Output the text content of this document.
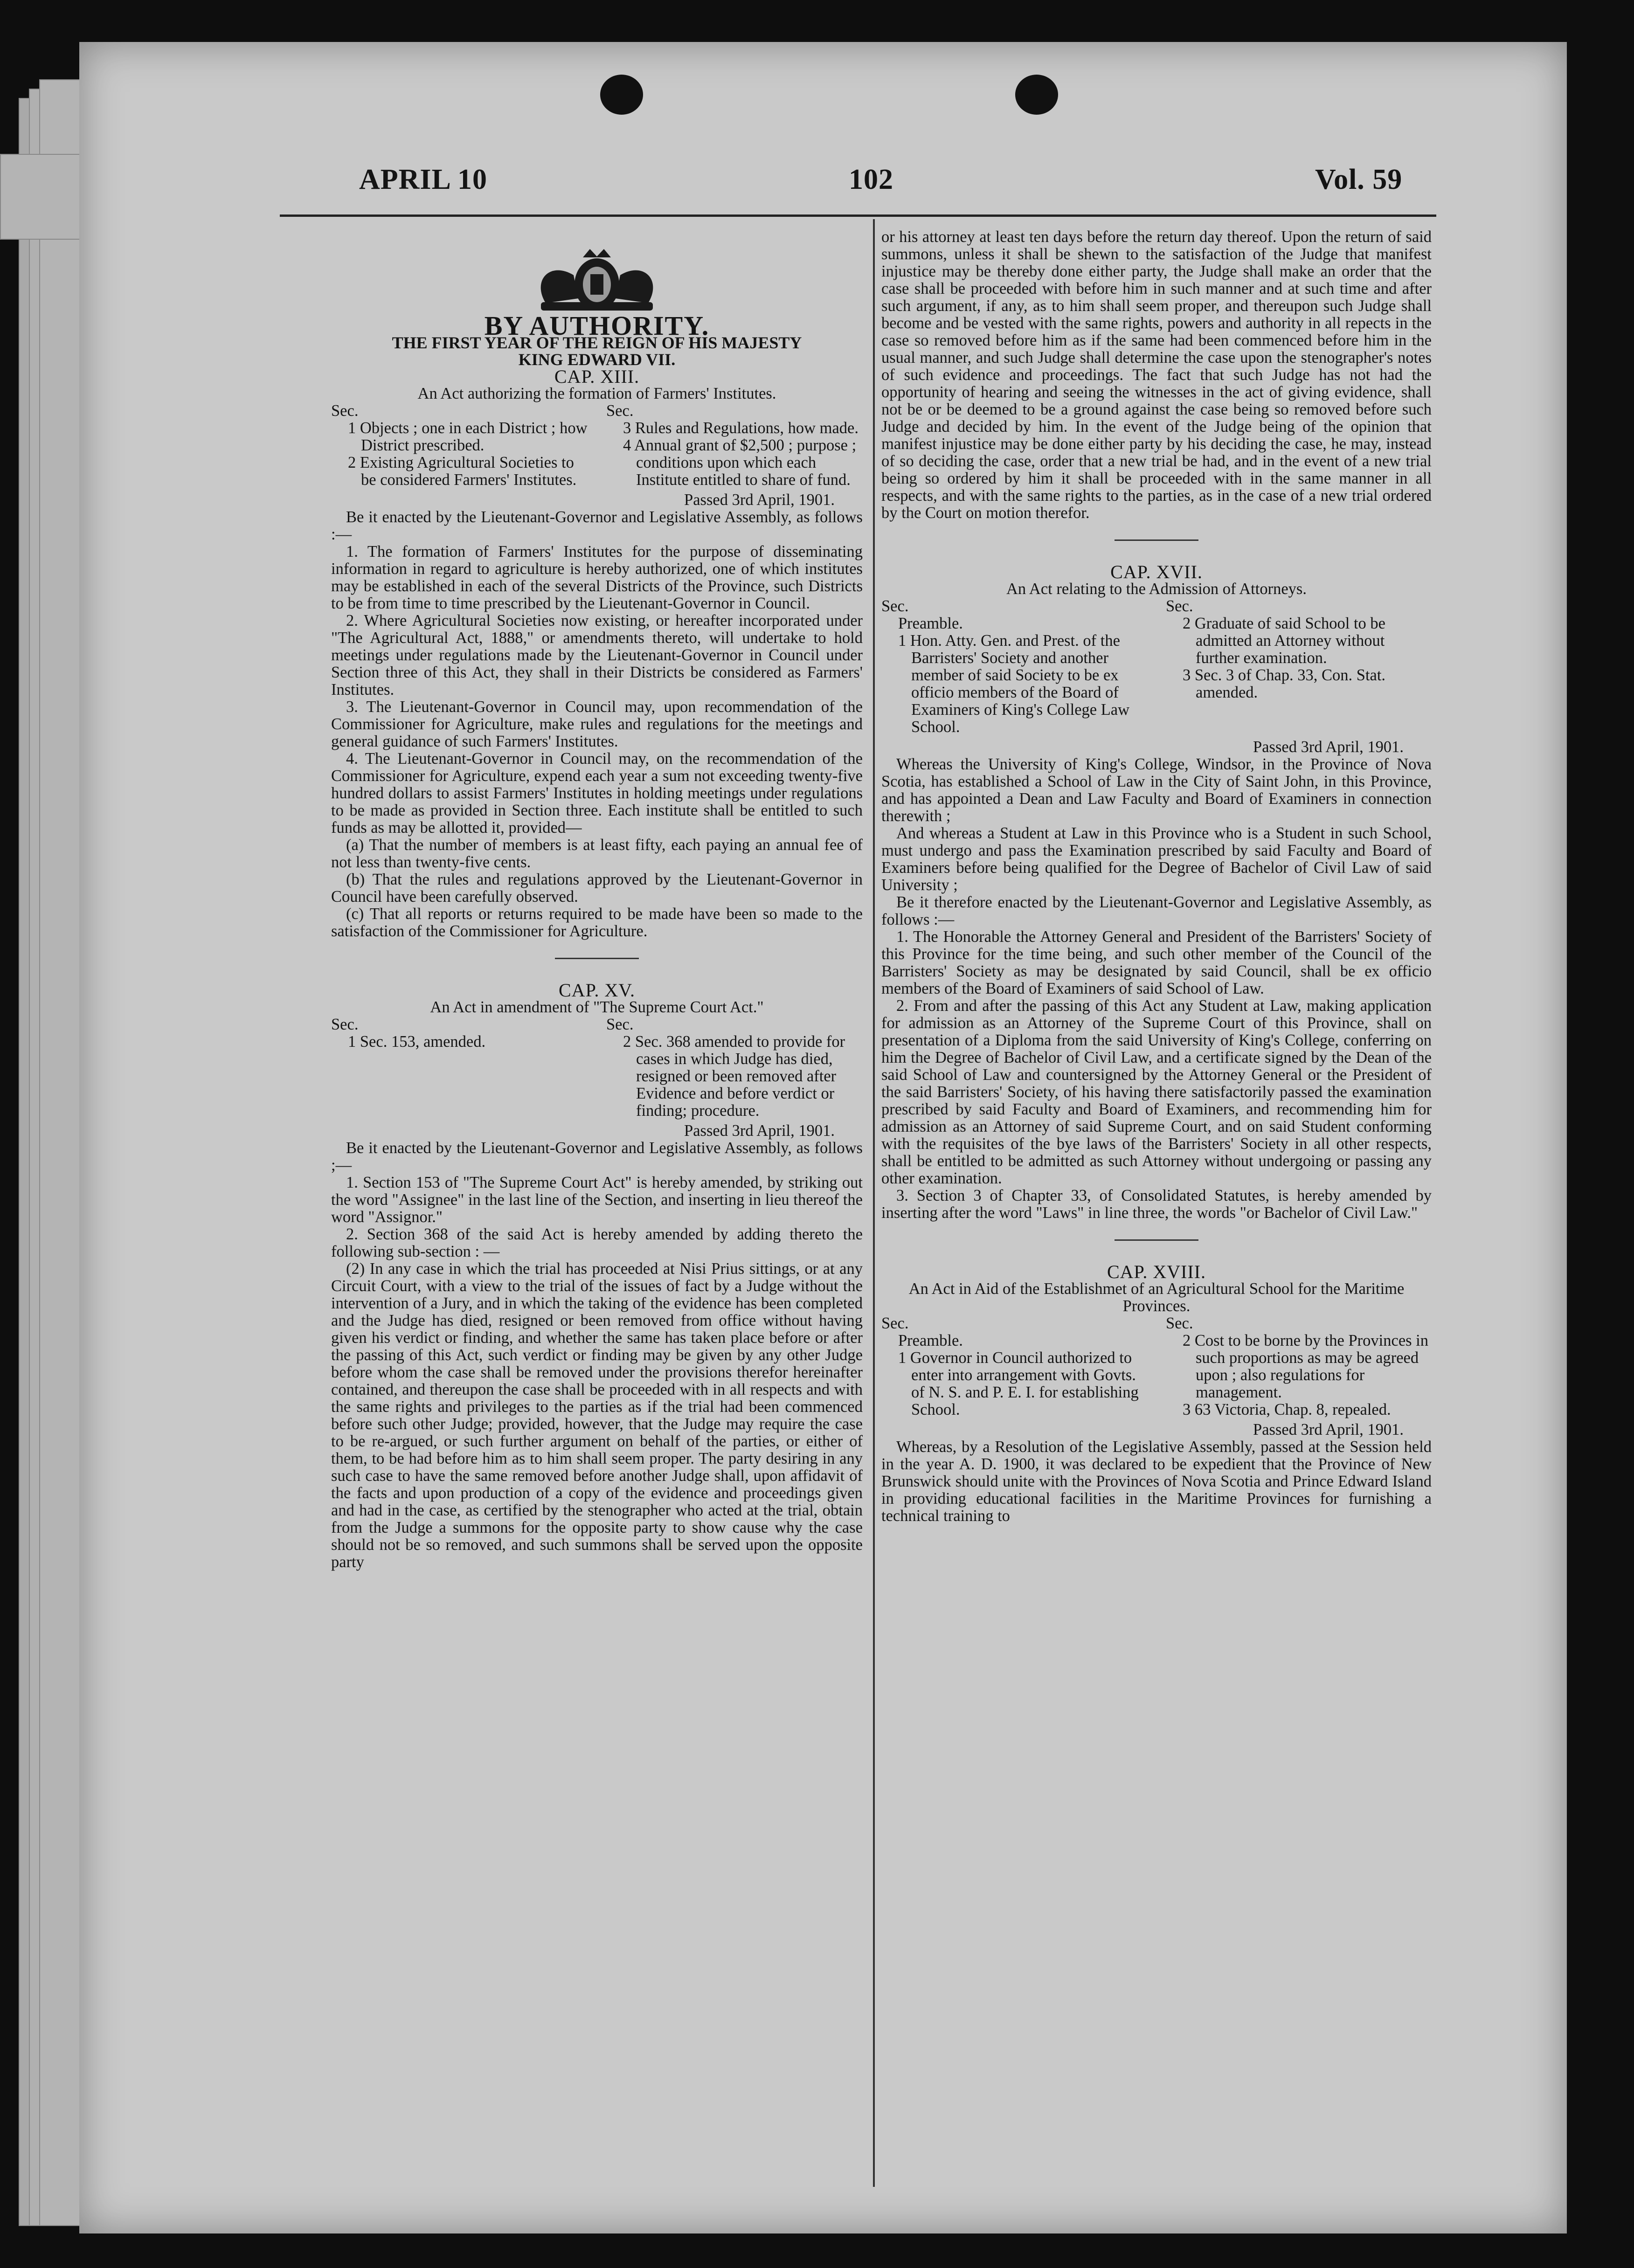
APRIL 10	102	Vol. 59

BY AUTHORITY.

THE FIRST YEAR OF THE REIGN OF HIS MAJESTY

KING EDWARD VII.

CAP. XIII.

An Act authorizing the formation of Farmers' Institutes.

Sec.

1 Objects ; one in each District ; how District prescribed.

2 Existing Agricultural Societies to be considered Farmers' Institutes.

Sec.

3 Rules and Regulations, how made.

4 Annual grant of $2,500 ; purpose ; conditions upon which each Institute entitled to share of fund.

Passed 3rd April, 1901.

Be it enacted by the Lieutenant-Governor and Legislative Assembly, as follows :—

1. The formation of Farmers' Institutes for the purpose of disseminating information in regard to agriculture is hereby authorized, one of which institutes may be established in each of the several Districts of the Province, such Districts to be from time to time prescribed by the Lieutenant-Governor in Council.

2. Where Agricultural Societies now existing, or hereafter incorporated under "The Agricultural Act, 1888," or amendments thereto, will undertake to hold meetings under regulations made by the Lieutenant-Governor in Council under Section three of this Act, they shall in their Districts be considered as Farmers' Institutes.

3. The Lieutenant-Governor in Council may, upon recommendation of the Commissioner for Agriculture, make rules and regulations for the meetings and general guidance of such Farmers' Institutes.

4. The Lieutenant-Governor in Council may, on the recommendation of the Commissioner for Agriculture, expend each year a sum not exceeding twenty-five hundred dollars to assist Farmers' Institutes in holding meetings under regulations to be made as provided in Section three. Each institute shall be entitled to such funds as may be allotted it, provided—

(a) That the number of members is at least fifty, each paying an annual fee of not less than twenty-five cents.

(b) That the rules and regulations approved by the Lieutenant-Governor in Council have been carefully observed.

(c) That all reports or returns required to be made have been so made to the satisfaction of the Commissioner for Agriculture.

CAP. XV.

An Act in amendment of "The Supreme Court Act."

Sec.

1 Sec. 153, amended.

Sec.

2 Sec. 368 amended to provide for cases in which Judge has died, resigned or been removed after Evidence and before verdict or finding; procedure.

Passed 3rd April, 1901.

Be it enacted by the Lieutenant-Governor and Legislative Assembly, as follows ;—

1. Section 153 of "The Supreme Court Act" is hereby amended, by striking out the word "Assignee" in the last line of the Section, and inserting in lieu thereof the word "Assignor."

2. Section 368 of the said Act is hereby amended by adding thereto the following sub-section : —

(2) In any case in which the trial has proceeded at Nisi Prius sittings, or at any Circuit Court, with a view to the trial of the issues of fact by a Judge without the intervention of a Jury, and in which the taking of the evidence has been completed and the Judge has died, resigned or been removed from office without having given his verdict or finding, and whether the same has taken place before or after the passing of this Act, such verdict or finding may be given by any other Judge before whom the case shall be removed under the provisions therefor hereinafter contained, and thereupon the case shall be proceeded with in all respects and with the same rights and privileges to the parties as if the trial had been commenced before such other Judge; provided, however, that the Judge may require the case to be re-argued, or such further argument on behalf of the parties, or either of them, to be had before him as to him shall seem proper. The party desiring in any such case to have the same removed before another Judge shall, upon affidavit of the facts and upon production of a copy of the evidence and proceedings given and had in the case, as certified by the stenographer who acted at the trial, obtain from the Judge a summons for the opposite party to show cause why the case should not be so removed, and such summons shall be served upon the opposite party

or his attorney at least ten days before the return day thereof. Upon the return of said summons, unless it shall be shewn to the satisfaction of the Judge that manifest injustice may be thereby done either party, the Judge shall make an order that the case shall be proceeded with before him in such manner and at such time and after such argument, if any, as to him shall seem proper, and thereupon such Judge shall become and be vested with the same rights, powers and authority in all repects in the case so removed before him as if the same had been commenced before him in the usual manner, and such Judge shall determine the case upon the stenographer's notes of such evidence and proceedings. The fact that such Judge has not had the opportunity of hearing and seeing the witnesses in the act of giving evidence, shall not be or be deemed to be a ground against the case being so removed before such Judge and decided by him. In the event of the Judge being of the opinion that manifest injustice may be done either party by his deciding the case, he may, instead of so deciding the case, order that a new trial be had, and in the event of a new trial being so ordered by him it shall be proceeded with in the same manner in all respects, and with the same rights to the parties, as in the case of a new trial ordered by the Court on motion therefor.

CAP. XVII.

An Act relating to the Admission of Attorneys.

Sec.

Preamble.

1 Hon. Atty. Gen. and Prest. of the Barristers' Society and another member of said Society to be ex officio members of the Board of Examiners of King's College Law School.

Sec.

2 Graduate of said School to be admitted an Attorney without further examination.

3 Sec. 3 of Chap. 33, Con. Stat. amended.

Passed 3rd April, 1901.

Whereas the University of King's College, Windsor, in the Province of Nova Scotia, has established a School of Law in the City of Saint John, in this Province, and has appointed a Dean and Law Faculty and Board of Examiners in connection therewith ;

And whereas a Student at Law in this Province who is a Student in such School, must undergo and pass the Examination prescribed by said Faculty and Board of Examiners before being qualified for the Degree of Bachelor of Civil Law of said University ;

Be it therefore enacted by the Lieutenant-Governor and Legislative Assembly, as follows :—

1. The Honorable the Attorney General and President of the Barristers' Society of this Province for the time being, and such other member of the Council of the Barristers' Society as may be designated by said Council, shall be ex officio members of the Board of Examiners of said School of Law.

2. From and after the passing of this Act any Student at Law, making application for admission as an Attorney of the Supreme Court of this Province, shall on presentation of a Diploma from the said University of King's College, conferring on him the Degree of Bachelor of Civil Law, and a certificate signed by the Dean of the said School of Law and countersigned by the Attorney General or the President of the said Barristers' Society, of his having there satisfactorily passed the examination prescribed by said Faculty and Board of Examiners, and recommending him for admission as an Attorney of said Supreme Court, and on said Student conforming with the requisites of the bye laws of the Barristers' Society in all other respects, shall be entitled to be admitted as such Attorney without undergoing or passing any other examination.

3. Section 3 of Chapter 33, of Consolidated Statutes, is hereby amended by inserting after the word "Laws" in line three, the words "or Bachelor of Civil Law."

CAP. XVIII.

An Act in Aid of the Establishmet of an Agricultural School for the Maritime Provinces.

Sec.

Preamble.

1 Governor in Council authorized to enter into arrangement with Govts. of N. S. and P. E. I. for establishing School.

Sec.

2 Cost to be borne by the Provinces in such proportions as may be agreed upon ; also regulations for management.

3 63 Victoria, Chap. 8, repealed.

Passed 3rd April, 1901.

Whereas, by a Resolution of the Legislative Assembly, passed at the Session held in the year A. D. 1900, it was declared to be expedient that the Province of New Brunswick should unite with the Provinces of Nova Scotia and Prince Edward Island in providing educational facilities in the Maritime Provinces for furnishing a technical training to
